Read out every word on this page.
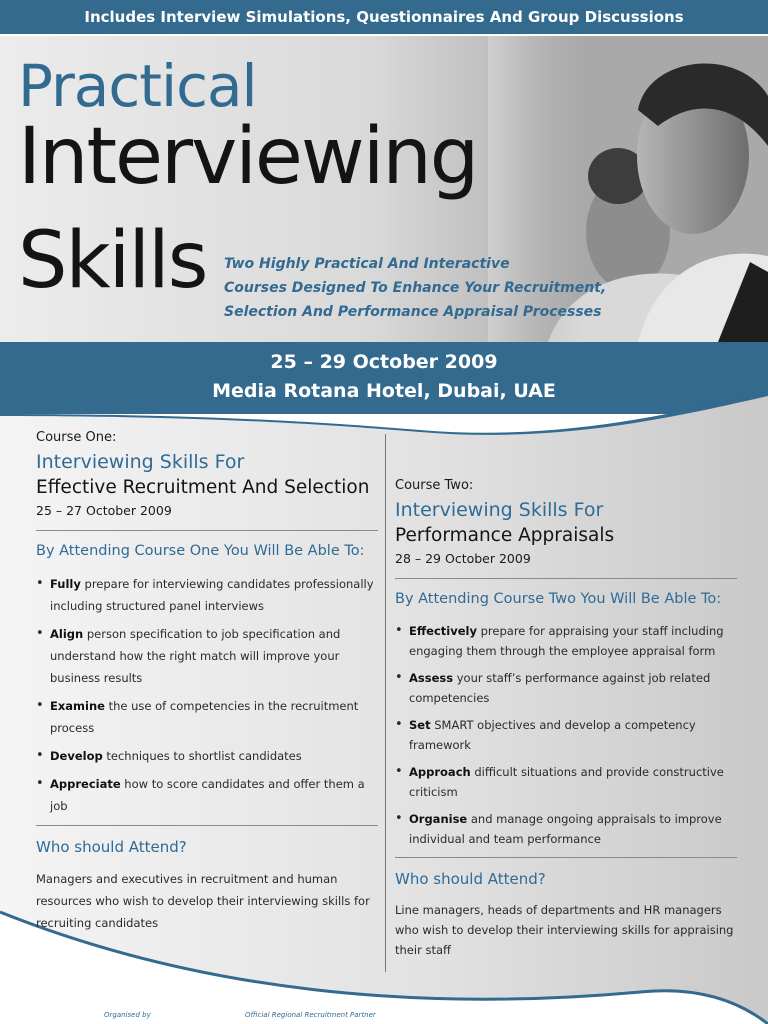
Includes Interview Simulations, Questionnaires And Group Discussions
Practical
Interviewing
Skills Two Highly Practical And Interactive
Courses Designed To Enhance Your Recruitment,
Selection And Performance Appraisal Processes
25 – 29 October 2009
Media Rotana Hotel, Dubai, UAE
Course One:
Interviewing Skills For
Effective Recruitment And Selection
25 – 27 October 2009
By Attending Course One You Will Be Able To:
• Fully prepare for interviewing candidates professionally including structured panel interviews
• Align person specification to job specification and understand how the right match will improve your business results
• Examine the use of competencies in the recruitment process
• Develop techniques to shortlist candidates
• Appreciate how to score candidates and offer them a job
Who should Attend?
Managers and executives in recruitment and human resources who wish to develop their interviewing skills for recruiting candidates
Course Two:
Interviewing Skills For
Performance Appraisals
28 – 29 October 2009
By Attending Course Two You Will Be Able To:
• Effectively prepare for appraising your staff including engaging them through the employee appraisal form
• Assess your staff’s performance against job related competencies
• Set SMART objectives and develop a competency framework
• Approach difficult situations and provide constructive criticism
• Organise and manage ongoing appraisals to improve individual and team performance
Who should Attend?
Line managers, heads of departments and HR managers who wish to develop their interviewing skills for appraising their staff
Organised by	Official Regional Recruitment Partner
